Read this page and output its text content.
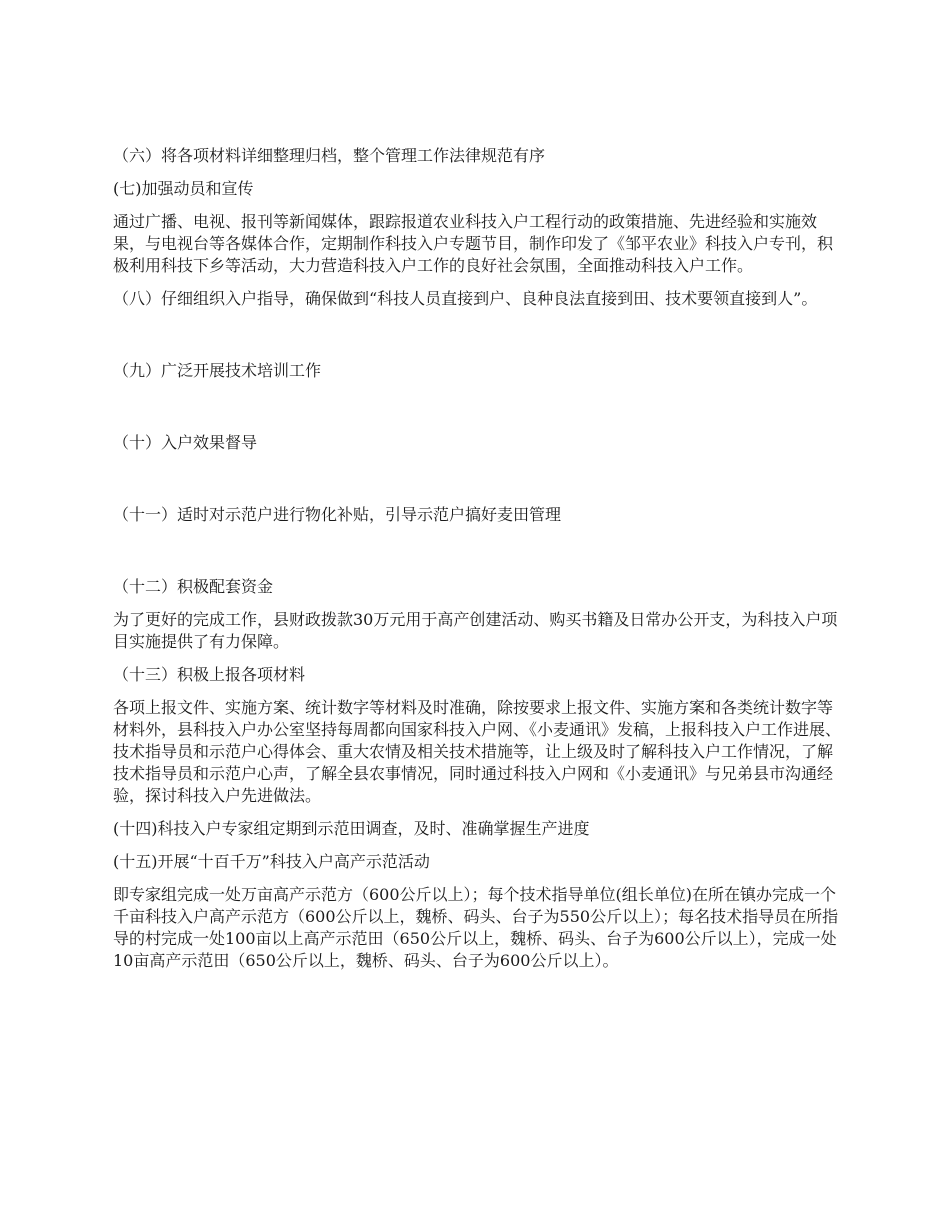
（六）将各项材料详细整理归档，整个管理工作法律规范有序

(七)加强动员和宣传

通过广播、电视、报刊等新闻媒体，跟踪报道农业科技入户工程行动的政策措施、先进经验和实施效果，与电视台等各媒体合作，定期制作科技入户专题节目，制作印发了《邹平农业》科技入户专刊，积极利用科技下乡等活动，大力营造科技入户工作的良好社会氛围，全面推动科技入户工作。

（八）仔细组织入户指导，确保做到“科技人员直接到户、良种良法直接到田、技术要领直接到人”。

（九）广泛开展技术培训工作

（十）入户效果督导

（十一）适时对示范户进行物化补贴，引导示范户搞好麦田管理

（十二）积极配套资金

为了更好的完成工作，县财政拨款30万元用于高产创建活动、购买书籍及日常办公开支，为科技入户项目实施提供了有力保障。

（十三）积极上报各项材料

各项上报文件、实施方案、统计数字等材料及时准确，除按要求上报文件、实施方案和各类统计数字等材料外，县科技入户办公室坚持每周都向国家科技入户网、《小麦通讯》发稿，上报科技入户工作进展、技术指导员和示范户心得体会、重大农情及相关技术措施等，让上级及时了解科技入户工作情况，了解技术指导员和示范户心声，了解全县农事情况，同时通过科技入户网和《小麦通讯》与兄弟县市沟通经验，探讨科技入户先进做法。

(十四)科技入户专家组定期到示范田调查，及时、准确掌握生产进度

(十五)开展“十百千万”科技入户高产示范活动

即专家组完成一处万亩高产示范方（600公斤以上）；每个技术指导单位(组长单位)在所在镇办完成一个千亩科技入户高产示范方（600公斤以上，魏桥、码头、台子为550公斤以上）；每名技术指导员在所指导的村完成一处100亩以上高产示范田（650公斤以上，魏桥、码头、台子为600公斤以上），完成一处10亩高产示范田（650公斤以上，魏桥、码头、台子为600公斤以上）。
